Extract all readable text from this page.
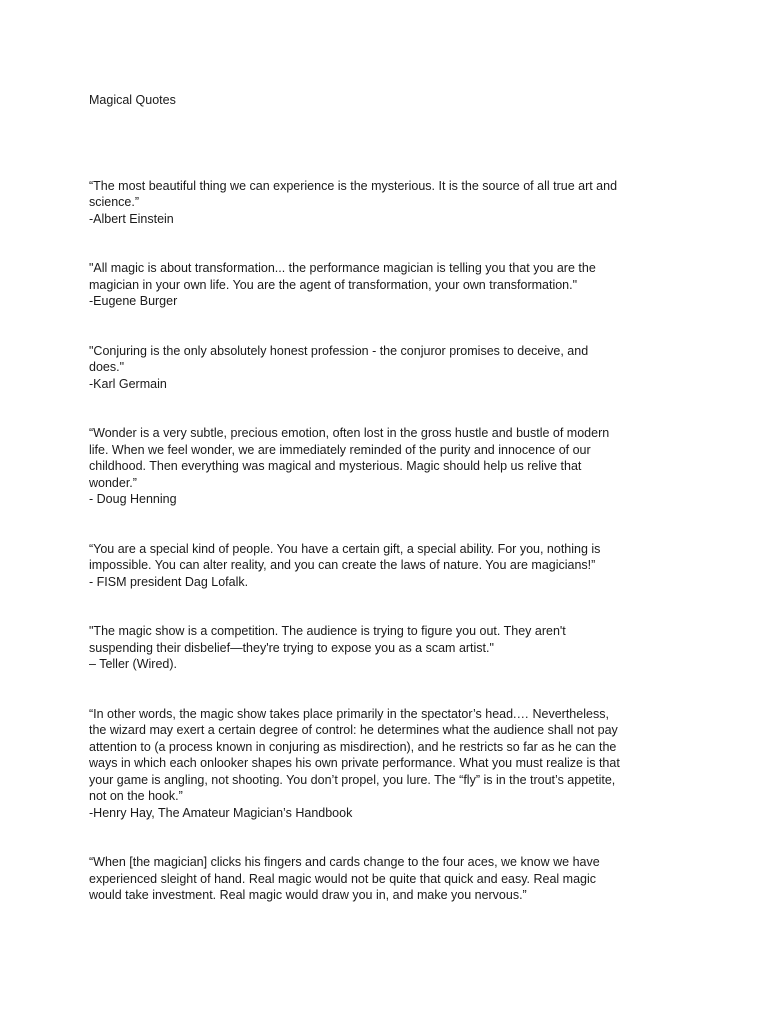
Magical Quotes
“The most beautiful thing we can experience is the mysterious. It is the source of all true art and
science.”
-Albert Einstein
"All magic is about transformation... the performance magician is telling you that you are the
magician in your own life. You are the agent of transformation, your own transformation."
-Eugene Burger
"Conjuring is the only absolutely honest profession - the conjuror promises to deceive, and
does."
-Karl Germain
“Wonder is a very subtle, precious emotion, often lost in the gross hustle and bustle of modern
life. When we feel wonder, we are immediately reminded of the purity and innocence of our
childhood. Then everything was magical and mysterious. Magic should help us relive that
wonder.”
- Doug Henning
“You are a special kind of people. You have a certain gift, a special ability. For you, nothing is
impossible. You can alter reality, and you can create the laws of nature. You are magicians!”
- FISM president Dag Lofalk.
"The magic show is a competition. The audience is trying to figure you out. They aren't
suspending their disbelief—they're trying to expose you as a scam artist."
– Teller (Wired).
“In other words, the magic show takes place primarily in the spectator’s head.… Nevertheless,
the wizard may exert a certain degree of control: he determines what the audience shall not pay
attention to (a process known in conjuring as misdirection), and he restricts so far as he can the
ways in which each onlooker shapes his own private performance. What you must realize is that
your game is angling, not shooting. You don’t propel, you lure. The “fly” is in the trout’s appetite,
not on the hook.”
-Henry Hay, The Amateur Magician’s Handbook
“When [the magician] clicks his fingers and cards change to the four aces, we know we have
experienced sleight of hand. Real magic would not be quite that quick and easy. Real magic
would take investment. Real magic would draw you in, and make you nervous.”
